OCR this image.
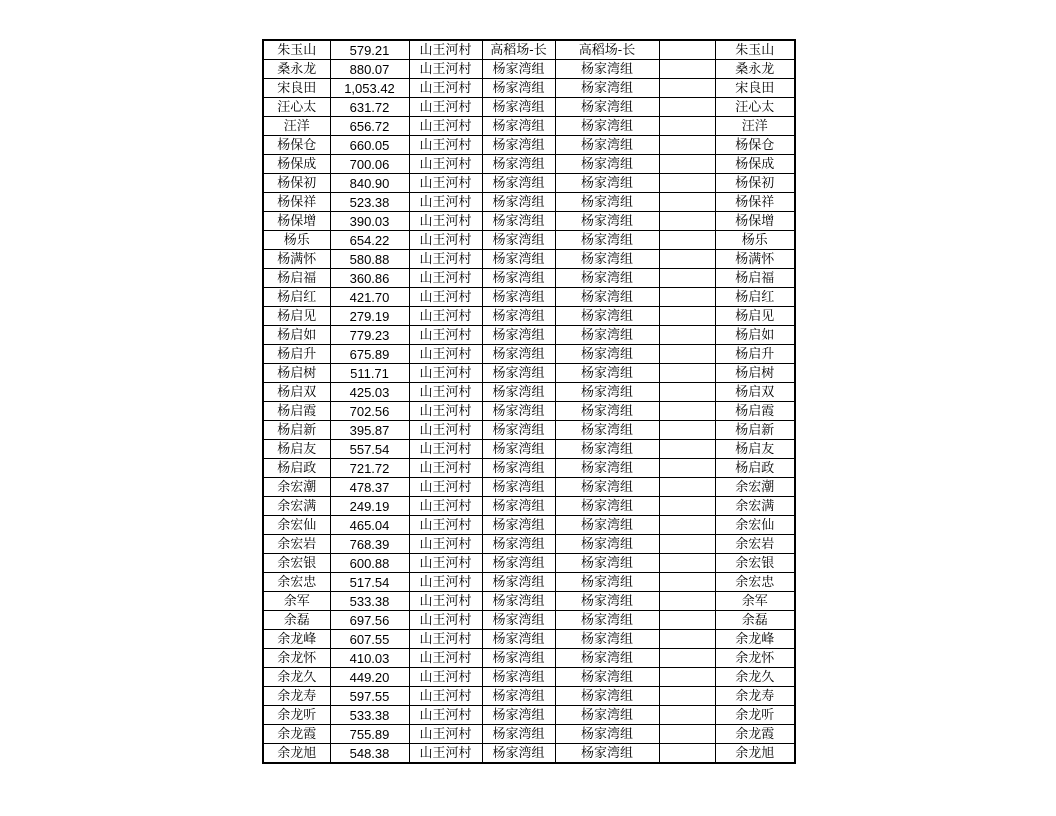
朱玉山	579.21	山王河村	高稻场-长	高稻场-长		朱玉山
桑永龙	880.07	山王河村	杨家湾组	杨家湾组		桑永龙
宋良田	1,053.42	山王河村	杨家湾组	杨家湾组		宋良田
汪心太	631.72	山王河村	杨家湾组	杨家湾组		汪心太
汪洋	656.72	山王河村	杨家湾组	杨家湾组		汪洋
杨保仓	660.05	山王河村	杨家湾组	杨家湾组		杨保仓
杨保成	700.06	山王河村	杨家湾组	杨家湾组		杨保成
杨保初	840.90	山王河村	杨家湾组	杨家湾组		杨保初
杨保祥	523.38	山王河村	杨家湾组	杨家湾组		杨保祥
杨保增	390.03	山王河村	杨家湾组	杨家湾组		杨保增
杨乐	654.22	山王河村	杨家湾组	杨家湾组		杨乐
杨满怀	580.88	山王河村	杨家湾组	杨家湾组		杨满怀
杨启福	360.86	山王河村	杨家湾组	杨家湾组		杨启福
杨启红	421.70	山王河村	杨家湾组	杨家湾组		杨启红
杨启见	279.19	山王河村	杨家湾组	杨家湾组		杨启见
杨启如	779.23	山王河村	杨家湾组	杨家湾组		杨启如
杨启升	675.89	山王河村	杨家湾组	杨家湾组		杨启升
杨启树	511.71	山王河村	杨家湾组	杨家湾组		杨启树
杨启双	425.03	山王河村	杨家湾组	杨家湾组		杨启双
杨启霞	702.56	山王河村	杨家湾组	杨家湾组		杨启霞
杨启新	395.87	山王河村	杨家湾组	杨家湾组		杨启新
杨启友	557.54	山王河村	杨家湾组	杨家湾组		杨启友
杨启政	721.72	山王河村	杨家湾组	杨家湾组		杨启政
余宏潮	478.37	山王河村	杨家湾组	杨家湾组		余宏潮
余宏满	249.19	山王河村	杨家湾组	杨家湾组		余宏满
余宏仙	465.04	山王河村	杨家湾组	杨家湾组		余宏仙
余宏岩	768.39	山王河村	杨家湾组	杨家湾组		余宏岩
余宏银	600.88	山王河村	杨家湾组	杨家湾组		余宏银
余宏忠	517.54	山王河村	杨家湾组	杨家湾组		余宏忠
余军	533.38	山王河村	杨家湾组	杨家湾组		余军
余磊	697.56	山王河村	杨家湾组	杨家湾组		余磊
余龙峰	607.55	山王河村	杨家湾组	杨家湾组		余龙峰
余龙怀	410.03	山王河村	杨家湾组	杨家湾组		余龙怀
余龙久	449.20	山王河村	杨家湾组	杨家湾组		余龙久
余龙寿	597.55	山王河村	杨家湾组	杨家湾组		余龙寿
余龙听	533.38	山王河村	杨家湾组	杨家湾组		余龙听
余龙霞	755.89	山王河村	杨家湾组	杨家湾组		余龙霞
余龙旭	548.38	山王河村	杨家湾组	杨家湾组		余龙旭
